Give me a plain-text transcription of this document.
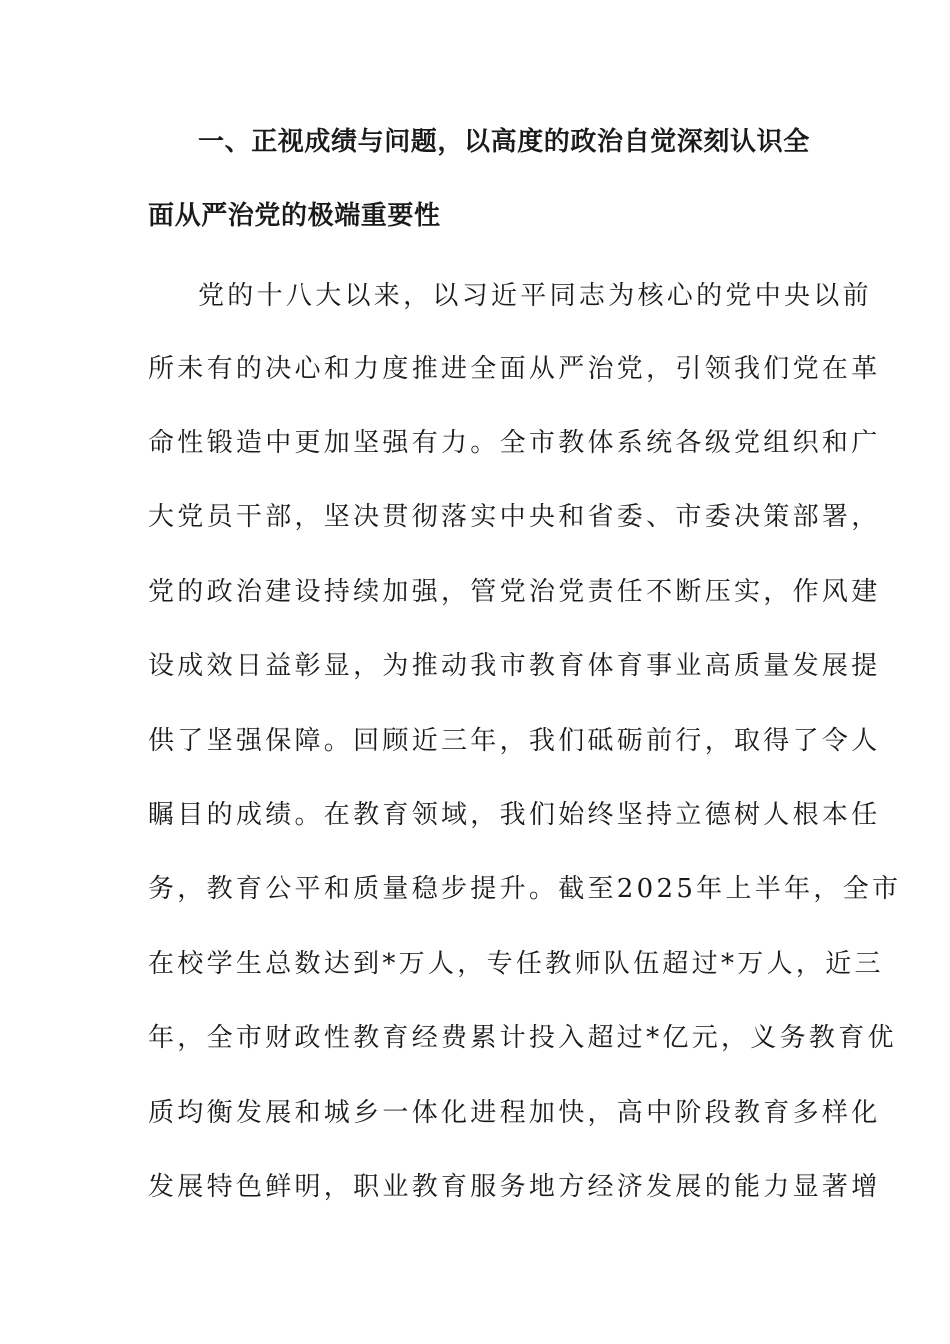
一、正视成绩与问题，以高度的政治自觉深刻认识全
面从严治党的极端重要性
党的十八大以来，以习近平同志为核心的党中央以前
所未有的决心和力度推进全面从严治党，引领我们党在革
命性锻造中更加坚强有力。全市教体系统各级党组织和广
大党员干部，坚决贯彻落实中央和省委、市委决策部署，
党的政治建设持续加强，管党治党责任不断压实，作风建
设成效日益彰显，为推动我市教育体育事业高质量发展提
供了坚强保障。回顾近三年，我们砥砺前行，取得了令人
瞩目的成绩。在教育领域，我们始终坚持立德树人根本任
务，教育公平和质量稳步提升。截至2025年上半年，全市
在校学生总数达到*万人，专任教师队伍超过*万人，近三
年，全市财政性教育经费累计投入超过*亿元，义务教育优
质均衡发展和城乡一体化进程加快，高中阶段教育多样化
发展特色鲜明，职业教育服务地方经济发展的能力显著增
